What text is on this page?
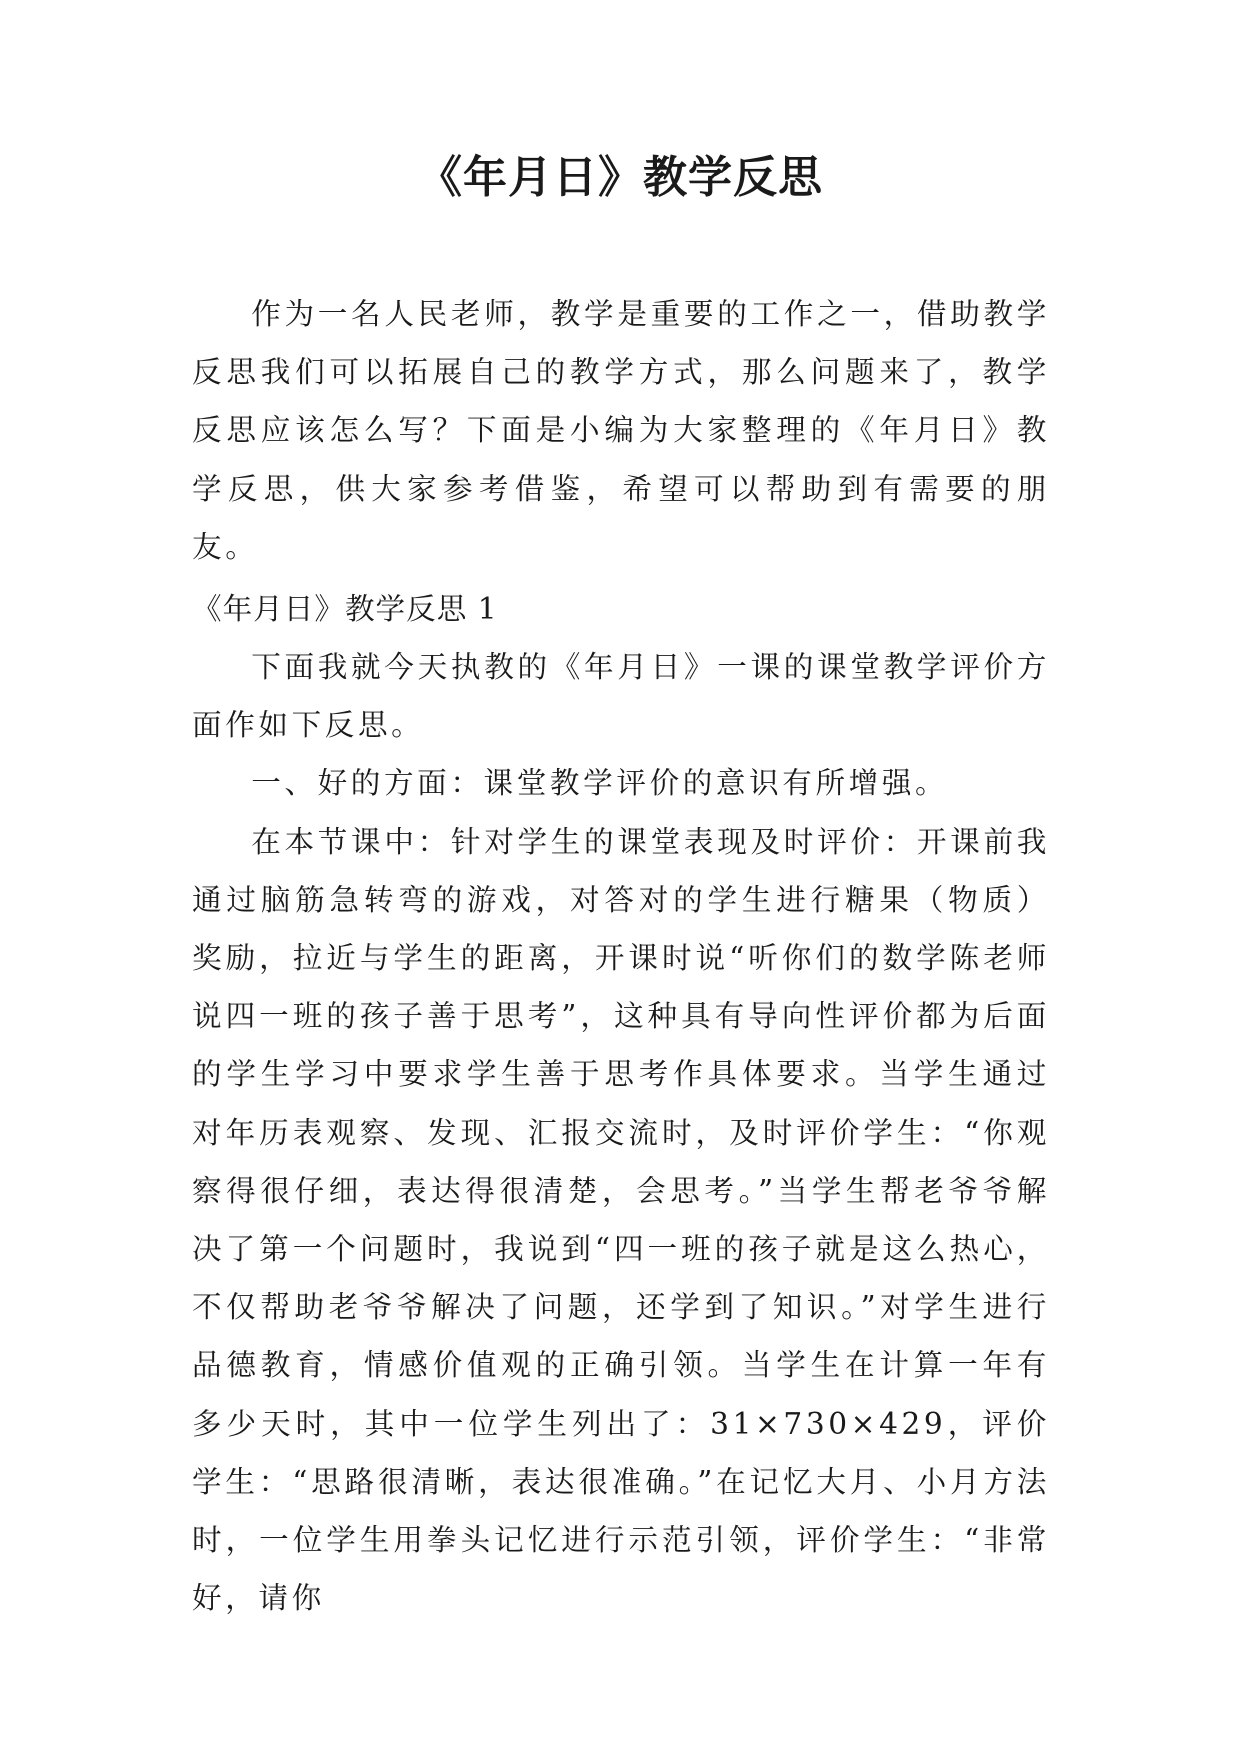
《年月日》教学反思

作为一名人民老师，教学是重要的工作之一，借助教学反思我们可以拓展自己的教学方式，那么问题来了，教学反思应该怎么写？下面是小编为大家整理的《年月日》教学反思，供大家参考借鉴，希望可以帮助到有需要的朋友。

《年月日》教学反思 1

下面我就今天执教的《年月日》一课的课堂教学评价方面作如下反思。

一、好的方面：课堂教学评价的意识有所增强。

在本节课中：针对学生的课堂表现及时评价：开课前我通过脑筋急转弯的游戏，对答对的学生进行糖果（物质）奖励，拉近与学生的距离，开课时说“听你们的数学陈老师说四一班的孩子善于思考”，这种具有导向性评价都为后面的学生学习中要求学生善于思考作具体要求。当学生通过对年历表观察、发现、汇报交流时，及时评价学生：“你观察得很仔细，表达得很清楚，会思考。”当学生帮老爷爷解决了第一个问题时，我说到“四一班的孩子就是这么热心，不仅帮助老爷爷解决了问题，还学到了知识。”对学生进行品德教育，情感价值观的正确引领。当学生在计算一年有多少天时，其中一位学生列出了：31×730×429，评价学生：“思路很清晰，表达很准确。”在记忆大月、小月方法时，一位学生用拳头记忆进行示范引领，评价学生：“非常好，请你
